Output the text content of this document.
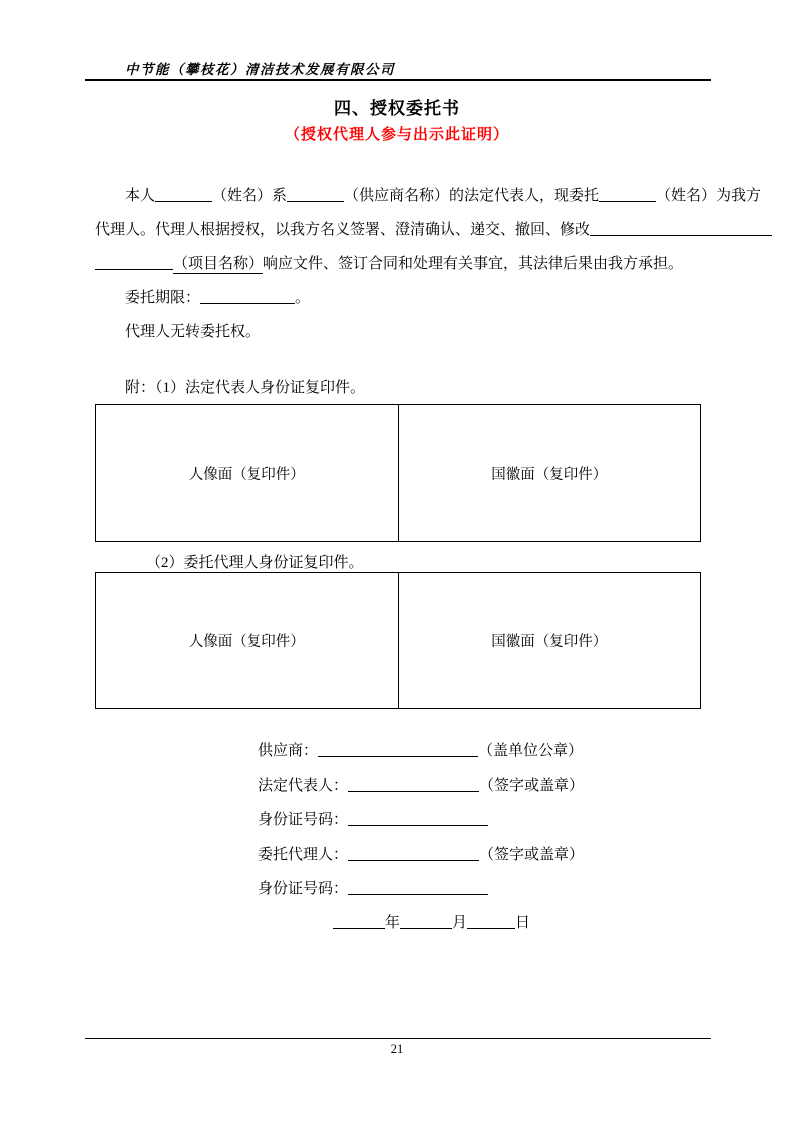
中节能（攀枝花）清洁技术发展有限公司
四、授权委托书
（授权代理人参与出示此证明）
本人	（姓名）系	（供应商名称）的法定代表人，现委托	（姓名）为我方
代理人。代理人根据授权，以我方名义签署、澄清确认、递交、撤回、修改
（项目名称）响应文件、签订合同和处理有关事宜，其法律后果由我方承担。
委托期限：	。
代理人无转委托权。
附：（1）法定代表人身份证复印件。
人像面（复印件）	国徽面（复印件）
（2）委托代理人身份证复印件。
人像面（复印件）	国徽面（复印件）
供应商：	（盖单位公章）
法定代表人：	（签字或盖章）
身份证号码：
委托代理人：	（签字或盖章）
身份证号码：
年	月	日
21
